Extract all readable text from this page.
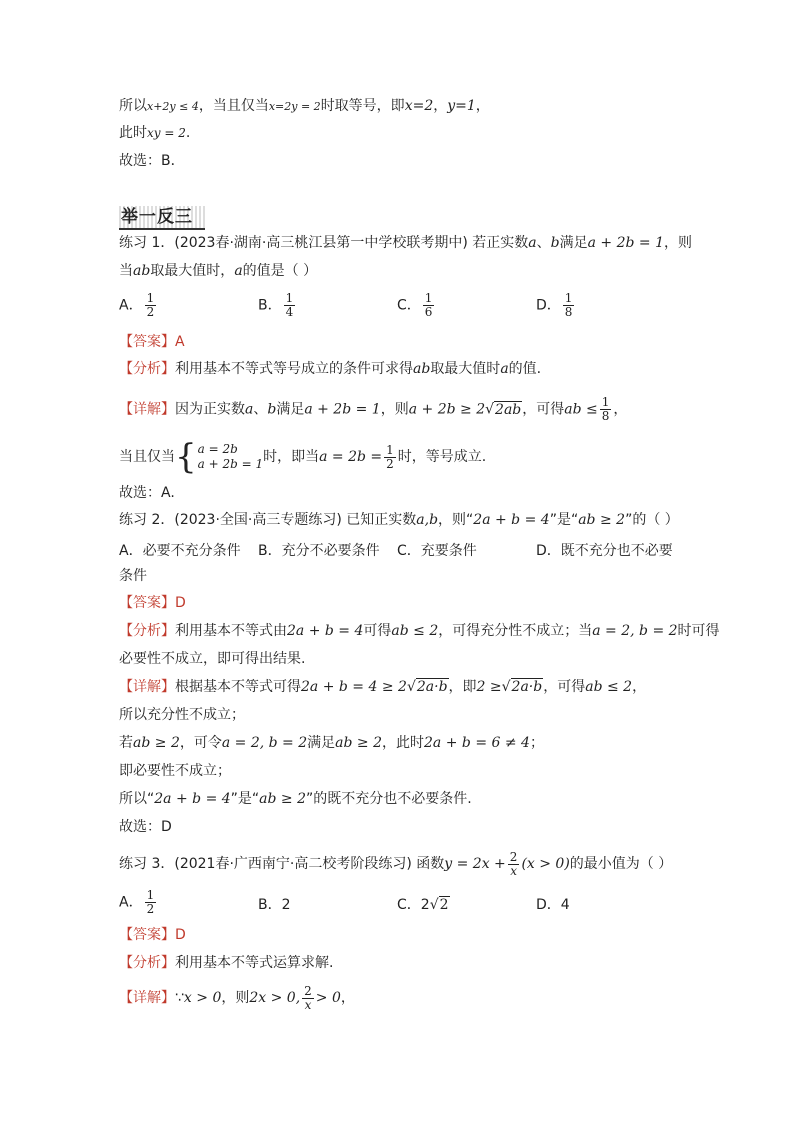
所以x+2y ≤ 4，当且仅当x=2y = 2时取等号，即x=2，y=1，
此时xy = 2.
故选：B．
举一反三
练习 1．(2023春·湖南·高三桃江县第一中学校联考期中) 若正实数a、b满足a + 2b = 1，则
当ab取最大值时，a的值是（ ）
A． $\frac{1}{2}$	B． $\frac{1}{4}$	C． $\frac{1}{6}$	D． $\frac{1}{8}$
【答案】A
【分析】利用基本不等式等号成立的条件可求得ab取最大值时a的值.
【详解】因为正实数a、b满足a + 2b = 1，则a + 2b ≥ 2√2ab，可得ab ≤ $\frac{1}{8}$ ，
当且仅当{ a = 2b
a + 2b = 1 时，即当$a = 2b = \frac{1}{2}$ 时，等号成立.
故选：A.
练习 2．(2023·全国·高三专题练习) 已知正实数a,b，则“2a + b = 4”是“ab ≥ 2”的（ ）
A．必要不充分条件 B．充分不必要条件 C．充要条件	D．既不充分也不必要
条件
【答案】D
【分析】利用基本不等式由2a + b = 4可得ab ≤ 2，可得充分性不成立；当a = 2, b = 2时可得
必要性不成立，即可得出结果.
【详解】根据基本不等式可得2a + b = 4 ≥ 2√2a·b，即2 ≥√2a·b，可得ab ≤ 2，
所以充分性不成立；
若ab ≥ 2，可令a = 2, b = 2满足ab ≥ 2，此时2a + b = 6 ≠ 4；
即必要性不成立；
所以“2a + b = 4”是“ab ≥ 2”的既不充分也不必要条件.
故选：D
练习 3．(2021春·广西南宁·高二校考阶段练习) 函数$y = 2x + \frac{2}{x} (x > 0)$的最小值为（ ）
A． $\frac{1}{2}$	B．2	C．2√2	D．4
【答案】D
【分析】利用基本不等式运算求解.
【详解】∵x > 0，则2x > 0, $\frac{2}{x} > 0$，
